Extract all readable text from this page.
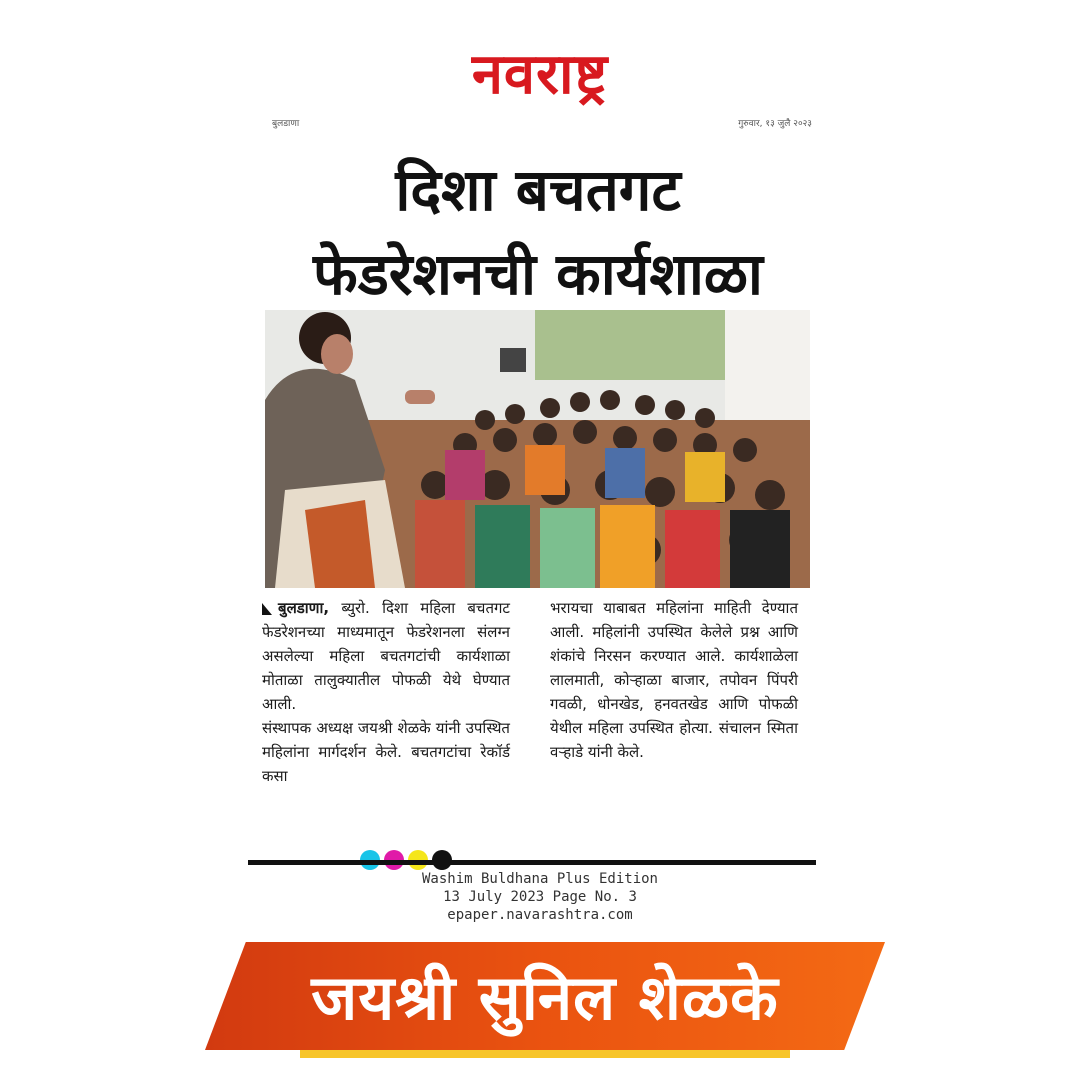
नवराष्ट्र
बुलडाणा	गुरुवार, १३ जुलै २०२३
दिशा बचतगट
फेडरेशनची कार्यशाळा

बुलडाणा, ब्युरो. दिशा महिला बचतगट फेडरेशनच्या माध्यमातून फेडरेशनला संलग्न असलेल्या महिला बचतगटांची कार्यशाळा मोताळा तालुक्यातील पोफळी येथे घेण्यात आली.

संस्थापक अध्यक्ष जयश्री शेळके यांनी उपस्थित महिलांना मार्गदर्शन केले. बचतगटांचा रेकॉर्ड कसा

भरायचा याबाबत महिलांना माहिती देण्यात आली. महिलांनी उपस्थित केलेले प्रश्न आणि शंकांचे निरसन करण्यात आले. कार्यशाळेला लालमाती, कोऱ्हाळा बाजार, तपोवन पिंपरी गवळी, धोनखेड, हनवतखेड आणि पोफळी येथील महिला उपस्थित होत्या. संचालन स्मिता वऱ्हाडे यांनी केले.

Washim Buldhana Plus Edition
13 July 2023 Page No. 3
epaper.navarashtra.com
जयश्री सुनिल शेळके
